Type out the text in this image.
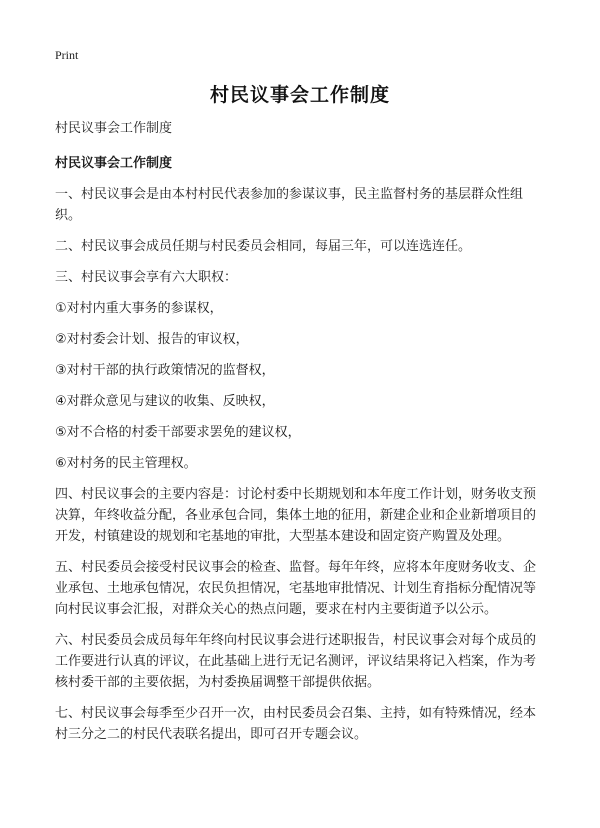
Print
村民议事会工作制度
村民议事会工作制度
村民议事会工作制度
一、村民议事会是由本村村民代表参加的参谋议事，民主监督村务的基层群众性组织。
二、村民议事会成员任期与村民委员会相同，每届三年，可以连选连任。
三、村民议事会享有六大职权：
①对村内重大事务的参谋权，
②对村委会计划、报告的审议权，
③对村干部的执行政策情况的监督权，
④对群众意见与建议的收集、反映权，
⑤对不合格的村委干部要求罢免的建议权，
⑥对村务的民主管理权。
四、村民议事会的主要内容是：讨论村委中长期规划和本年度工作计划，财务收支预决算，年终收益分配，各业承包合同，集体土地的征用，新建企业和企业新增项目的开发，村镇建设的规划和宅基地的审批，大型基本建设和固定资产购置及处理。
五、村民委员会接受村民议事会的检查、监督。每年年终，应将本年度财务收支、企业承包、土地承包情况，农民负担情况，宅基地审批情况、计划生育指标分配情况等向村民议事会汇报，对群众关心的热点问题，要求在村内主要街道予以公示。
六、村民委员会成员每年年终向村民议事会进行述职报告，村民议事会对每个成员的工作要进行认真的评议，在此基础上进行无记名测评，评议结果将记入档案，作为考核村委干部的主要依据，为村委换届调整干部提供依据。
七、村民议事会每季至少召开一次，由村民委员会召集、主持，如有特殊情况，经本村三分之二的村民代表联名提出，即可召开专题会议。
